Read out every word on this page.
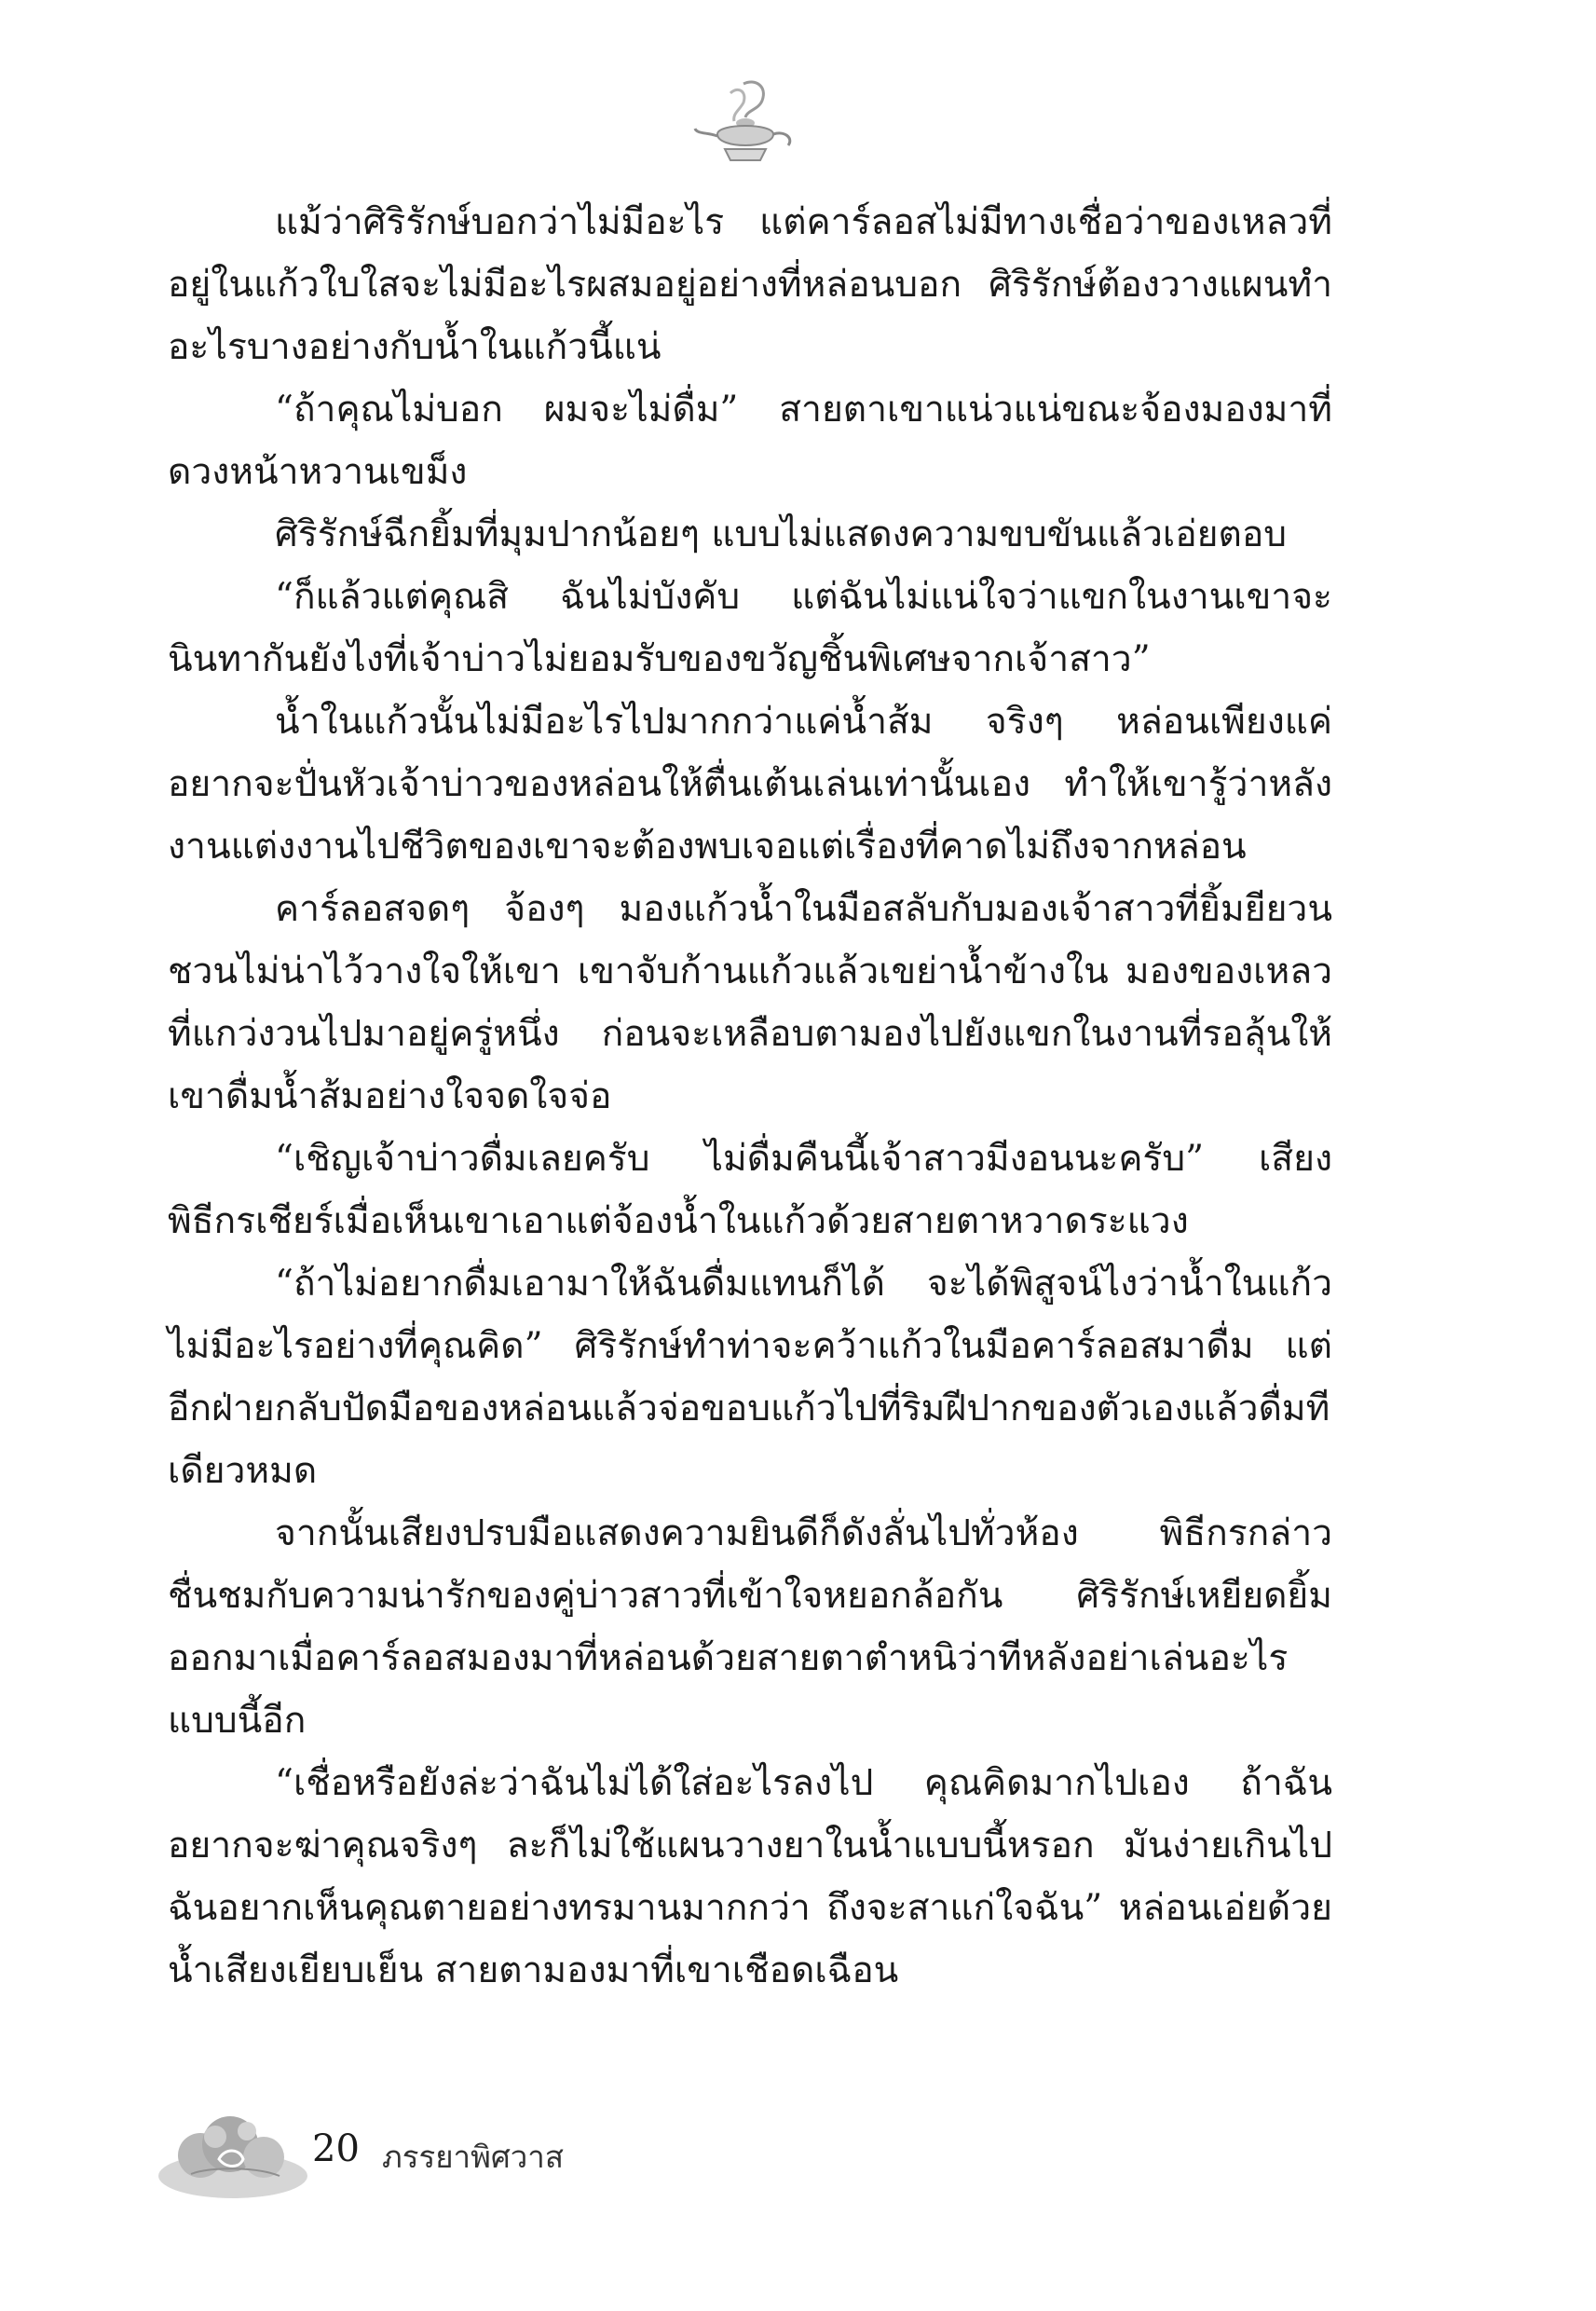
แม้ว่าศิริรักษ์บอกว่าไม่มีอะไร แต่คาร์ลอสไม่มีทางเชื่อว่าของเหลวที่อยู่ในแก้วใบใสจะไม่มีอะไรผสมอยู่อย่างที่หล่อนบอก ศิริรักษ์ต้องวางแผนทำอะไรบางอย่างกับน้ำในแก้วนี้แน่

“ถ้าคุณไม่บอก ผมจะไม่ดื่ม” สายตาเขาแน่วแน่ขณะจ้องมองมาที่ดวงหน้าหวานเขม็ง

ศิริรักษ์ฉีกยิ้มที่มุมปากน้อยๆ แบบไม่แสดงความขบขันแล้วเอ่ยตอบ

“ก็แล้วแต่คุณสิ ฉันไม่บังคับ แต่ฉันไม่แน่ใจว่าแขกในงานเขาจะนินทากันยังไงที่เจ้าบ่าวไม่ยอมรับของขวัญชิ้นพิเศษจากเจ้าสาว”

น้ำในแก้วนั้นไม่มีอะไรไปมากกว่าแค่น้ำส้ม จริงๆ หล่อนเพียงแค่อยากจะปั่นหัวเจ้าบ่าวของหล่อนให้ตื่นเต้นเล่นเท่านั้นเอง ทำให้เขารู้ว่าหลังงานแต่งงานไปชีวิตของเขาจะต้องพบเจอแต่เรื่องที่คาดไม่ถึงจากหล่อน

คาร์ลอสจดๆ จ้องๆ มองแก้วน้ำในมือสลับกับมองเจ้าสาวที่ยิ้มยียวนชวนไม่น่าไว้วางใจให้เขา เขาจับก้านแก้วแล้วเขย่าน้ำข้างใน มองของเหลวที่แกว่งวนไปมาอยู่ครู่หนึ่ง ก่อนจะเหลือบตามองไปยังแขกในงานที่รอลุ้นให้เขาดื่มน้ำส้มอย่างใจจดใจจ่อ

“เชิญเจ้าบ่าวดื่มเลยครับ ไม่ดื่มคืนนี้เจ้าสาวมีงอนนะครับ” เสียงพิธีกรเชียร์เมื่อเห็นเขาเอาแต่จ้องน้ำในแก้วด้วยสายตาหวาดระแวง

“ถ้าไม่อยากดื่มเอามาให้ฉันดื่มแทนก็ได้ จะได้พิสูจน์ไงว่าน้ำในแก้วไม่มีอะไรอย่างที่คุณคิด” ศิริรักษ์ทำท่าจะคว้าแก้วในมือคาร์ลอสมาดื่ม แต่อีกฝ่ายกลับปัดมือของหล่อนแล้วจ่อขอบแก้วไปที่ริมฝีปากของตัวเองแล้วดื่มทีเดียวหมด

จากนั้นเสียงปรบมือแสดงความยินดีก็ดังลั่นไปทั่วห้อง พิธีกรกล่าวชื่นชมกับความน่ารักของคู่บ่าวสาวที่เข้าใจหยอกล้อกัน ศิริรักษ์เหยียดยิ้มออกมาเมื่อคาร์ลอสมองมาที่หล่อนด้วยสายตาตำหนิว่าทีหลังอย่าเล่นอะไรแบบนี้อีก

“เชื่อหรือยังล่ะว่าฉันไม่ได้ใส่อะไรลงไป คุณคิดมากไปเอง ถ้าฉันอยากจะฆ่าคุณจริงๆ ละก็ไม่ใช้แผนวางยาในน้ำแบบนี้หรอก มันง่ายเกินไป ฉันอยากเห็นคุณตายอย่างทรมานมากกว่า ถึงจะสาแก่ใจฉัน” หล่อนเอ่ยด้วยน้ำเสียงเยียบเย็น สายตามองมาที่เขาเชือดเฉือน

20 ภรรยาพิศวาส
